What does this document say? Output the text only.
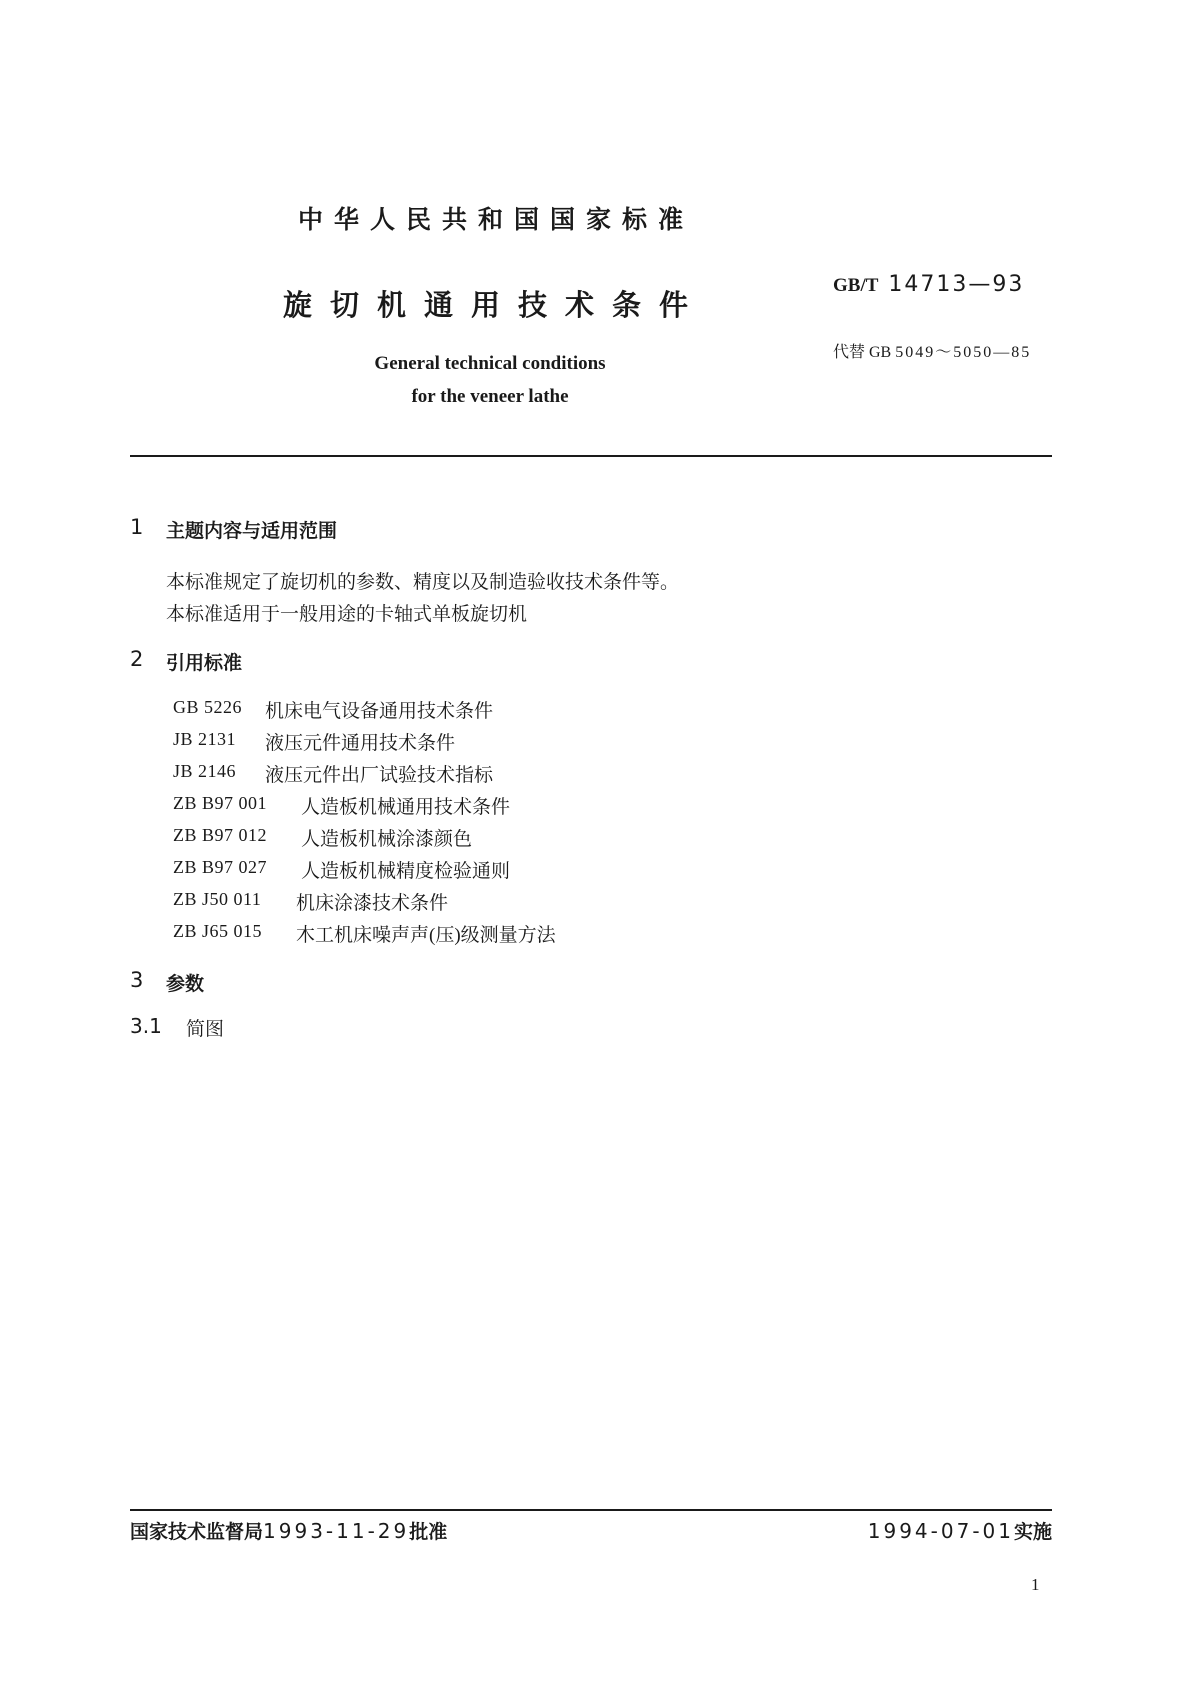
中华人民共和国国家标准
旋切机通用技术条件
General technical conditions
for the veneer lathe
GB/T 14713—93
代替 GB 5049～5050—85
1 主题内容与适用范围
本标准规定了旋切机的参数、精度以及制造验收技术条件等。
本标准适用于一般用途的卡轴式单板旋切机
2 引用标准
GB 5226 机床电气设备通用技术条件
JB 2131 液压元件通用技术条件
JB 2146 液压元件出厂试验技术指标
ZB B97 001 人造板机械通用技术条件
ZB B97 012 人造板机械涂漆颜色
ZB B97 027 人造板机械精度检验通则
ZB J50 011 机床涂漆技术条件
ZB J65 015 木工机床噪声声(压)级测量方法
3 参数
3.1 简图
国家技术监督局1993-11-29批准	1994-07-01实施
1
